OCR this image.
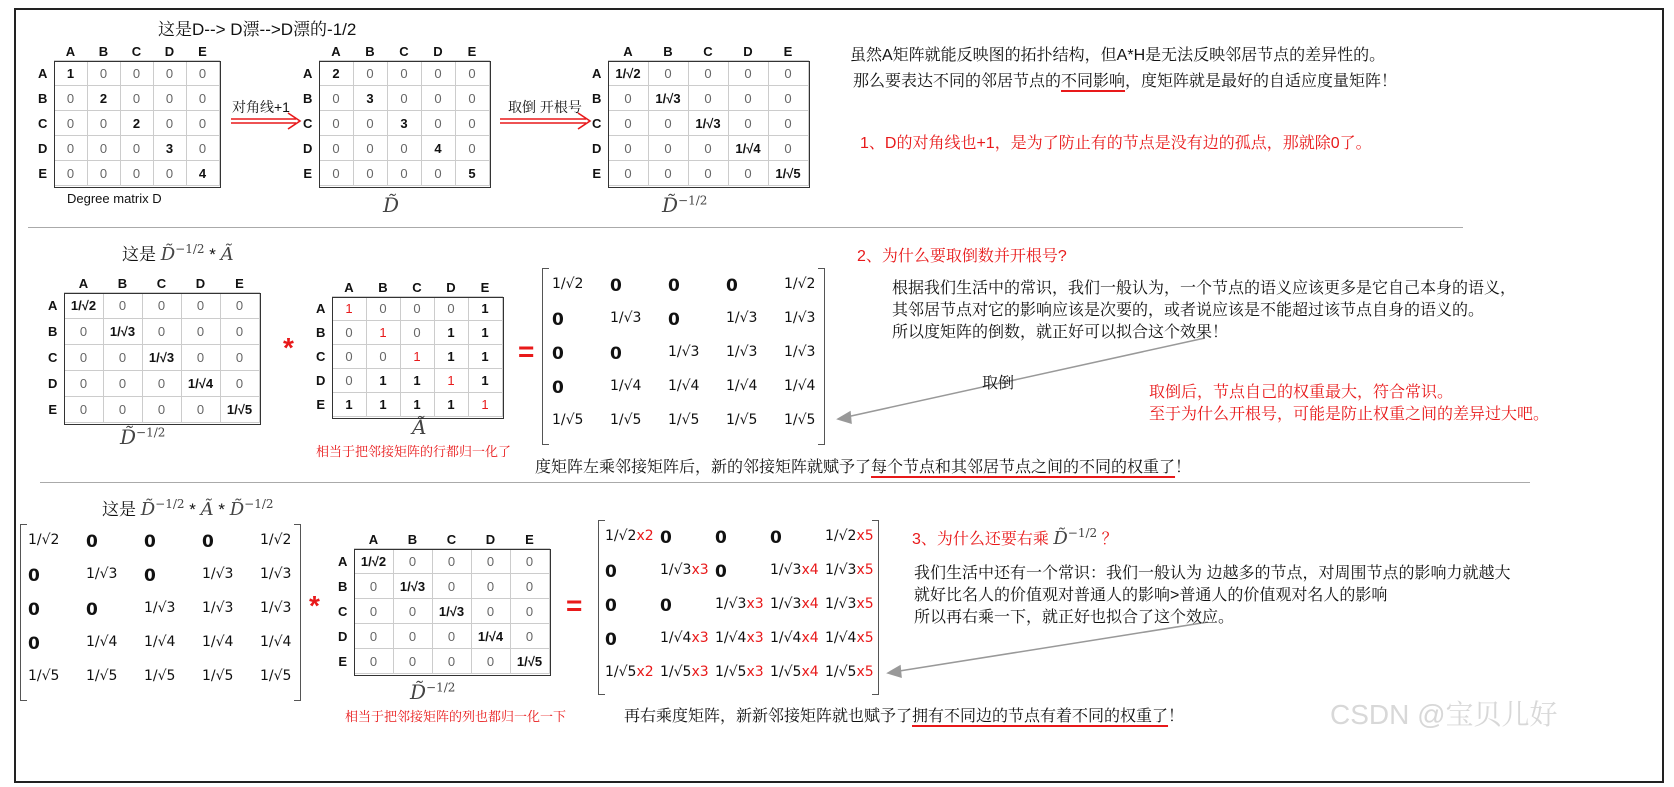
这是D--> D漂-->D漂的-1/2
	A	B	C	D	E
A	1	0	0	0	0
B	0	2	0	0	0
C	0	0	2	0	0
D	0	0	0	3	0
E	0	0	0	0	4
Degree matrix D
对角线+1
	A	B	C	D	E
A	2	0	0	0	0
B	0	3	0	0	0
C	0	0	3	0	0
D	0	0	0	4	0
E	0	0	0	0	5
D̃
取倒 开根号
	A	B	C	D	E
A	1/√2	0	0	0	0
B	0	1/√3	0	0	0
C	0	0	1/√3	0	0
D	0	0	0	1/√4	0
E	0	0	0	0	1/√5
D̃$^{-1/2}$
虽然A矩阵就能反映图的拓扑结构，但A*H是无法反映邻居节点的差异性的。
那么要表达不同的邻居节点的不同影响，度矩阵就是最好的自适应度量矩阵！
1、D的对角线也+1，是为了防止有的节点是没有边的孤点，那就除0了。
这是 D̃$^{-1/2}$ * Ã
	A	B	C	D	E
A	1/√2	0	0	0	0
B	0	1/√3	0	0	0
C	0	0	1/√3	0	0
D	0	0	0	1/√4	0
E	0	0	0	0	1/√5
D̃$^{-1/2}$
*
	A	B	C	D	E
A	1	0	0	0	1
B	0	1	0	1	1
C	0	0	1	1	1
D	0	1	1	1	1
E	1	1	1	1	1
Ã
相当于把邻接矩阵的行都归一化了
=
1/√2 0	0	0	1/√2
0	1/√3 0	1/√3 1/√3
0	0	1/√3 1/√3 1/√3
0	1/√4 1/√4 1/√4 1/√4
1/√5 1/√5 1/√5 1/√5 1/√5
2、为什么要取倒数并开根号?
根据我们生活中的常识，我们一般认为，一个节点的语义应该更多是它自己本身的语义，
其邻居节点对它的影响应该是次要的，或者说应该是不能超过该节点自身的语义的。
所以度矩阵的倒数，就正好可以拟合这个效果！
取倒
取倒后，节点自己的权重最大，符合常识。
至于为什么开根号，可能是防止权重之间的差异过大吧。
度矩阵左乘邻接矩阵后，新的邻接矩阵就赋予了每个节点和其邻居节点之间的不同的权重了！
这是 D̃$^{-1/2}$ * Ã * D̃$^{-1/2}$
1/√2 0	0	0	1/√2
0	1/√3 0	1/√3 1/√3
0	0	1/√3 1/√3 1/√3
0	1/√4 1/√4 1/√4 1/√4
1/√5 1/√5 1/√5 1/√5 1/√5
*
	A	B	C	D	E
A	1/√2	0	0	0	0
B	0	1/√3	0	0	0
C	0	0	1/√3	0	0
D	0	0	0	1/√4	0
E	0	0	0	0	1/√5
D̃$^{-1/2}$
相当于把邻接矩阵的列也都归一化一下
=
1/√2x2 0	0	0	1/√2x5
0	1/√3x3 0	1/√3x4 1/√3x5
0	0	1/√3x3 1/√3x4 1/√3x5
0	1/√4x3 1/√4x3 1/√4x4 1/√4x5
1/√5x2 1/√5x3 1/√5x3 1/√5x4 1/√5x5
3、为什么还要右乘 D̃$^{-1/2}$ ？
我们生活中还有一个常识：我们一般认为 边越多的节点，对周围节点的影响力就越大
就好比名人的价值观对普通人的影响>普通人的价值观对名人的影响
所以再右乘一下，就正好也拟合了这个效应。
再右乘度矩阵，新新邻接矩阵就也赋予了拥有不同边的节点有着不同的权重了！	CSDN @宝贝儿好
